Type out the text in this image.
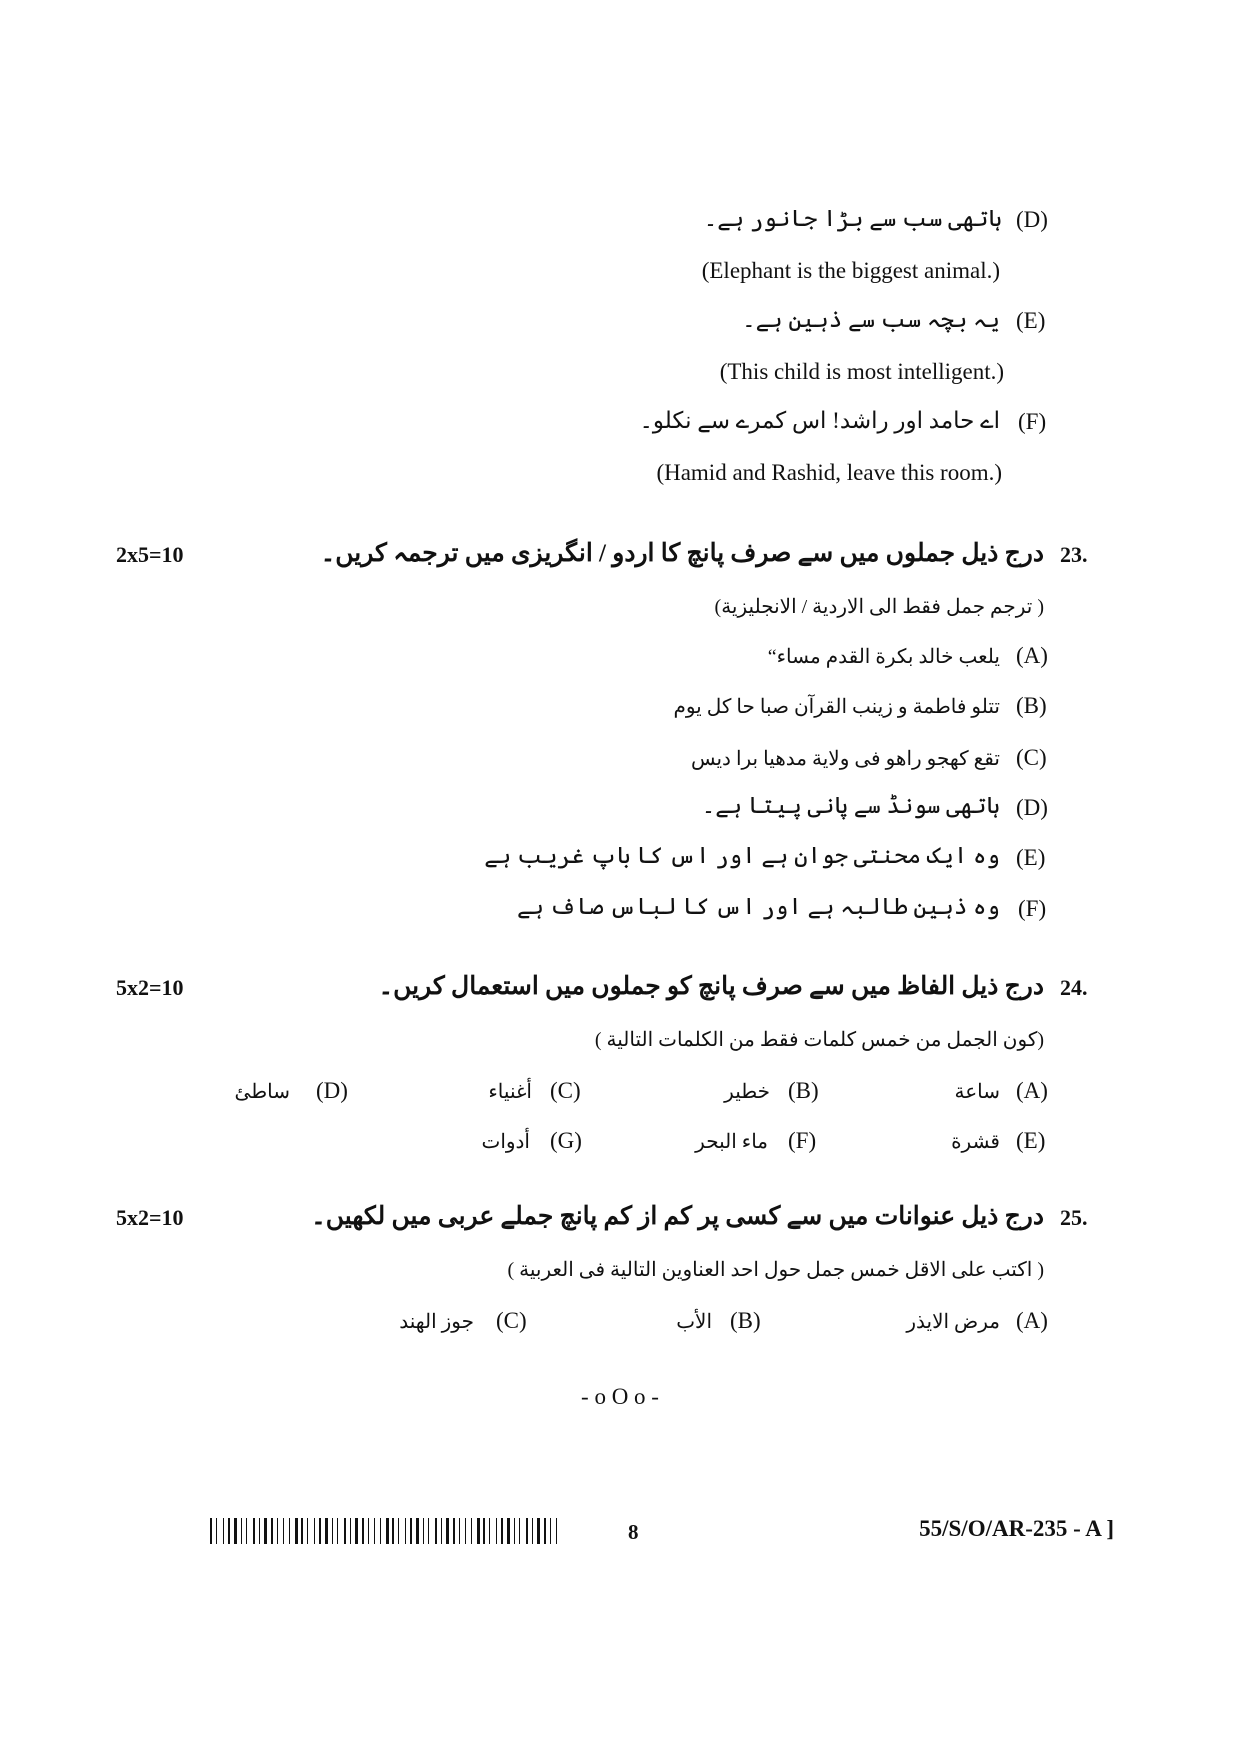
(D)
ہاتھی سب سے بڑا جانور ہے۔
(Elephant is the biggest animal.)
(E)
یہ بچہ سب سے ذہین ہے۔
(This child is most intelligent.)
(F)
اے حامد اور راشد! اس کمرے سے نکلو۔
(Hamid and Rashid, leave this room.)
2x5=10	23.
درج ذیل جملوں میں سے صرف پانچ کا اردو / انگریزی میں ترجمہ کریں۔
( ترجم جمل فقط الى الاردية / الانجليزية)
(A)
يلعب خالد بكرة القدم مساء“
(B)
تتلو فاطمة و زينب القرآن صبا حا كل يوم
(C)
تقع كهجو راهو فى ولاية مدهيا برا ديس
(D)
ہاتھی سونڈ سے پانی پیتا ہے۔
(E)
وہ ایک محنتی جوان ہے اور اس کا باپ غریب ہے
(F)
وہ ذہین طالبہ ہے اور اس کا لباس صاف ہے
5x2=10	24.
درج ذیل الفاظ میں سے صرف پانچ کو جملوں میں استعمال کریں۔
(كون الجمل من خمس كلمات فقط من الكلمات التالية )
(A)
ساعة
(B)
خطير
(C)
أغنياء
(D)
ساطئ
(E)
قشرة
(F)
ماء البحر
(G)
أدوات
5x2=10	25.
درج ذیل عنوانات میں سے کسی پر کم از کم پانچ جملے عربی میں لکھیں۔
( اكتب على الاقل خمس جمل حول احد العناوين التالية فى العربية )
(A)
مرض الايذر
(B)
الأب
(C)
جوز الهند
- o O o -
8	55/S/O/AR-235 - A ]
